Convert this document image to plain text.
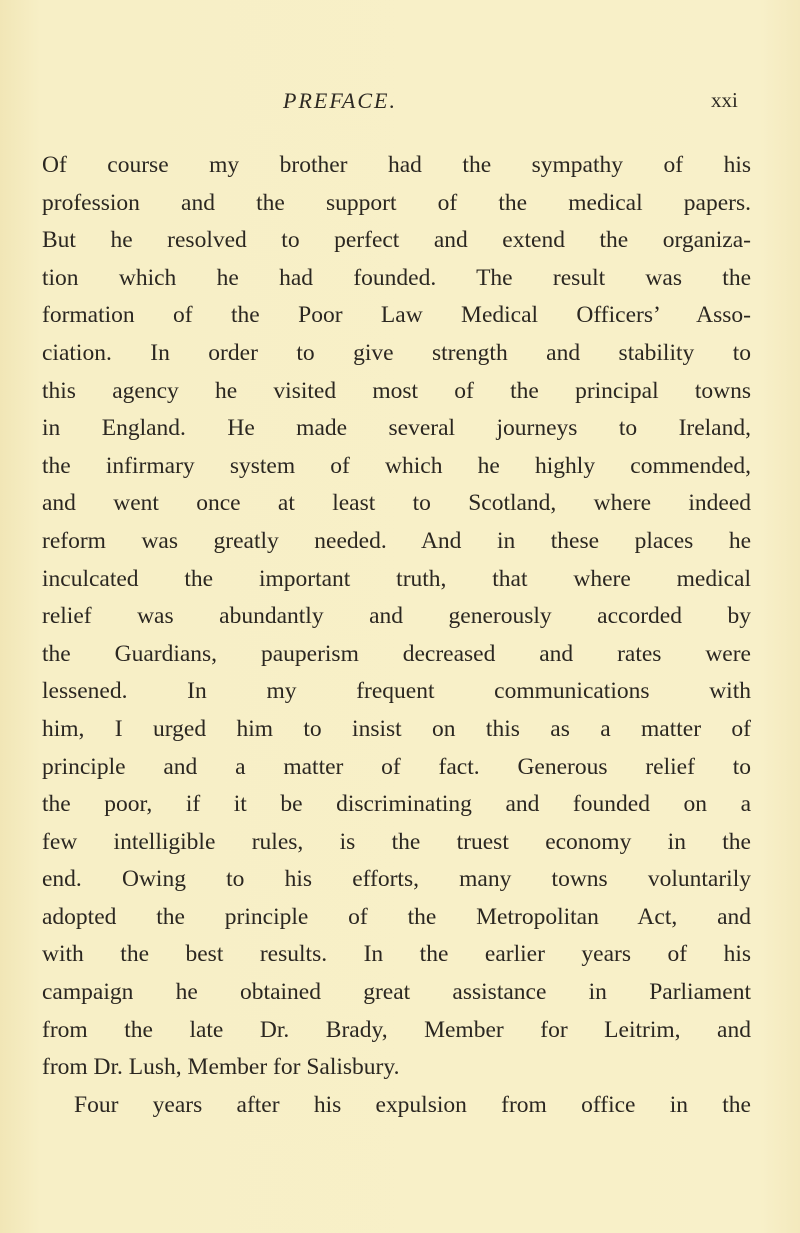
PREFACE.	xxi
Of course my brother had the sympathy of his
profession and the support of the medical papers.
But he resolved to perfect and extend the organiza-
tion which he had founded. The result was the
formation of the Poor Law Medical Officers’ Asso-
ciation. In order to give strength and stability to
this agency he visited most of the principal towns
in England. He made several journeys to Ireland,
the infirmary system of which he highly commended,
and went once at least to Scotland, where indeed
reform was greatly needed. And in these places he
inculcated the important truth, that where medical
relief was abundantly and generously accorded by
the Guardians, pauperism decreased and rates were
lessened. In my frequent communications with
him, I urged him to insist on this as a matter of
principle and a matter of fact. Generous relief to
the poor, if it be discriminating and founded on a
few intelligible rules, is the truest economy in the
end. Owing to his efforts, many towns voluntarily
adopted the principle of the Metropolitan Act, and
with the best results. In the earlier years of his
campaign he obtained great assistance in Parliament
from the late Dr. Brady, Member for Leitrim, and
from Dr. Lush, Member for Salisbury.
Four years after his expulsion from office in the
